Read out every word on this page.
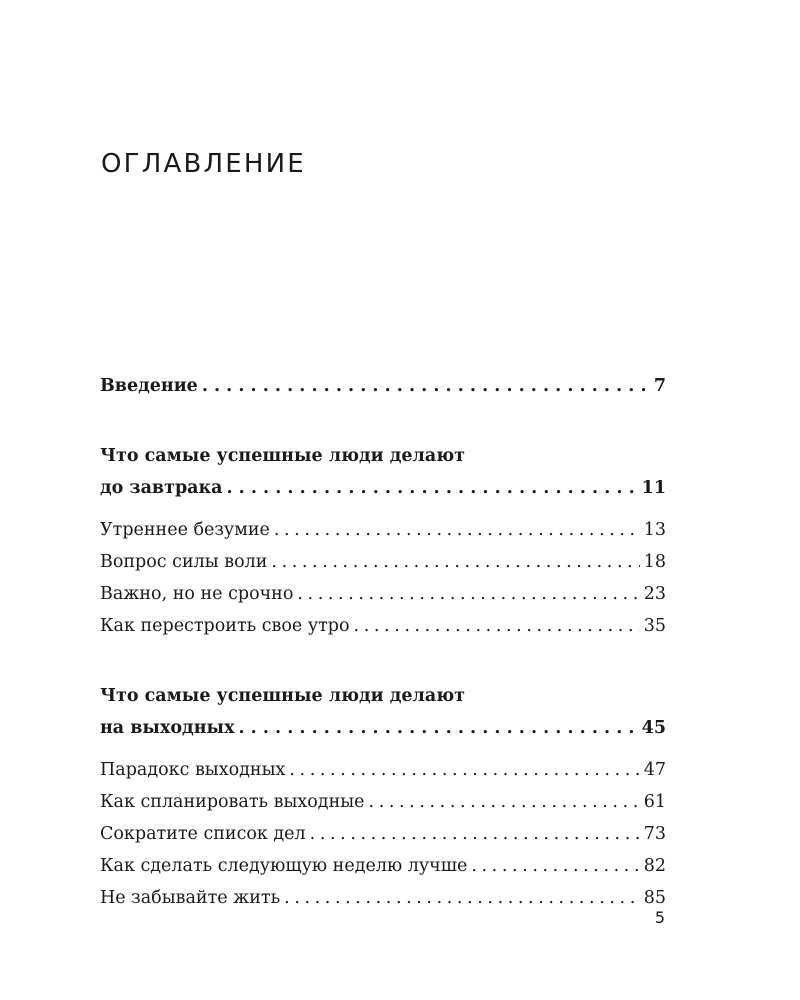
ОГЛАВЛЕНИЕ
Введение . . .	7
Что самые успешные люди делают
до завтрака . . .	11
Утреннее безумие .....	13
Вопрос силы воли .....	18
Важно, но не срочно .....	23
Как перестроить свое утро .....	35
Что самые успешные люди делают
на выходных . . .	45
Парадокс выходных .....	47
Как спланировать выходные .....	61
Сократите список дел .....	73
Как сделать следующую неделю лучше .....	82
Не забывайте жить .....	85
5
